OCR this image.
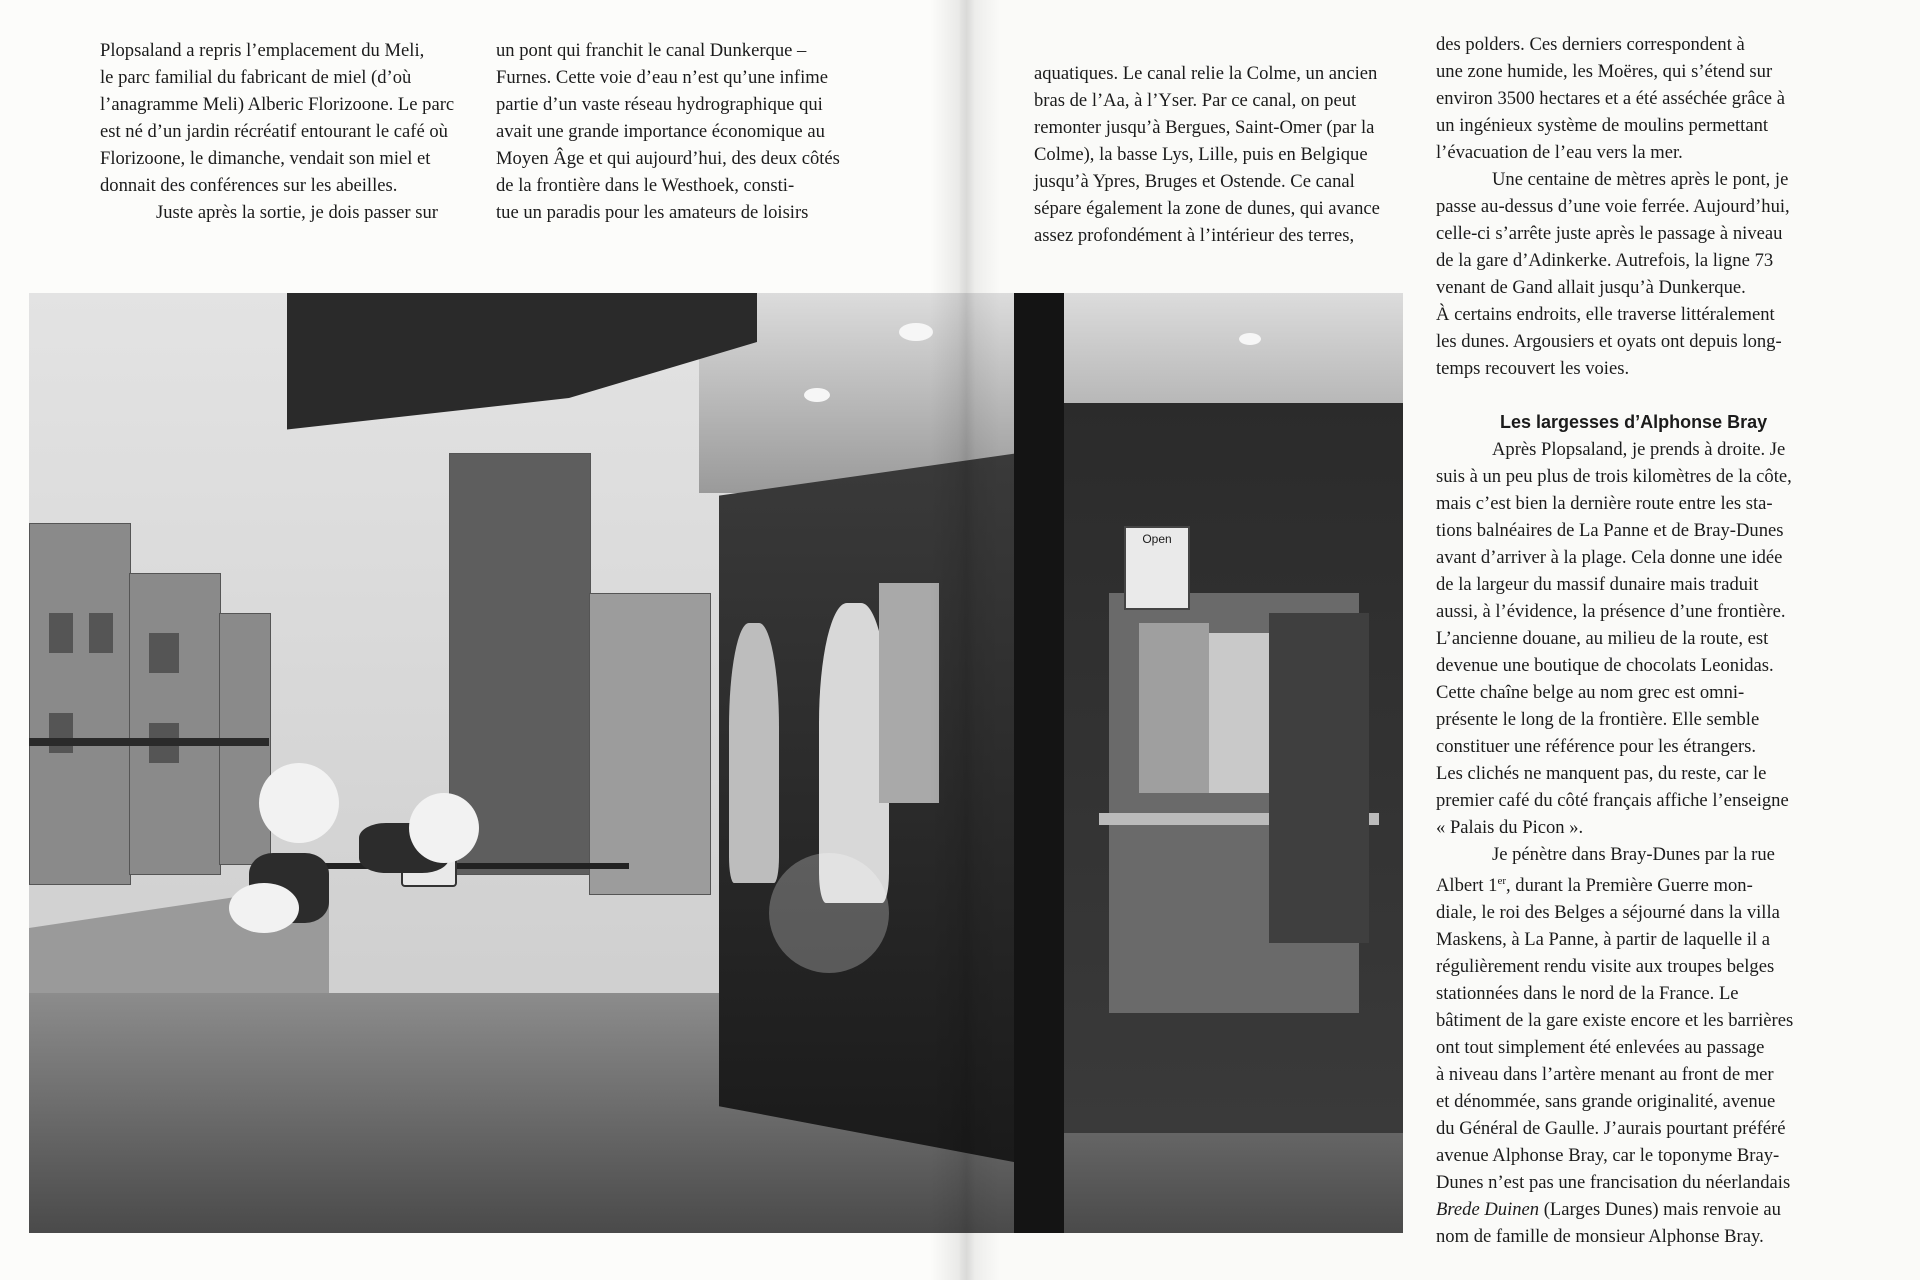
Plopsaland a repris l’emplacement du Meli,
le parc familial du fabricant de miel (d’où
l’anagramme Meli) Alberic Florizoone. Le parc
est né d’un jardin récréatif entourant le café où
Florizoone, le dimanche, vendait son miel et
donnait des conférences sur les abeilles.
Juste après la sortie, je dois passer sur
un pont qui franchit le canal Dunkerque –
Furnes. Cette voie d’eau n’est qu’une infime
partie d’un vaste réseau hydrographique qui
avait une grande importance économique au
Moyen Âge et qui aujourd’hui, des deux côtés
de la frontière dans le Westhoek, consti-
tue un paradis pour les amateurs de loisirs
aquatiques. Le canal relie la Colme, un ancien
bras de l’Aa, à l’Yser. Par ce canal, on peut
remonter jusqu’à Bergues, Saint-Omer (par la
Colme), la basse Lys, Lille, puis en Belgique
jusqu’à Ypres, Bruges et Ostende. Ce canal
sépare également la zone de dunes, qui avance
assez profondément à l’intérieur des terres,
des polders. Ces derniers correspondent à
une zone humide, les Moëres, qui s’étend sur
environ 3500 hectares et a été asséchée grâce à
un ingénieux système de moulins permettant
l’évacuation de l’eau vers la mer.
Une centaine de mètres après le pont, je
passe au-dessus d’une voie ferrée. Aujourd’hui,
celle-ci s’arrête juste après le passage à niveau
de la gare d’Adinkerke. Autrefois, la ligne 73
venant de Gand allait jusqu’à Dunkerque.
À certains endroits, elle traverse littéralement
les dunes. Argousiers et oyats ont depuis long-
temps recouvert les voies.
Les largesses d’Alphonse Bray
Après Plopsaland, je prends à droite. Je
suis à un peu plus de trois kilomètres de la côte,
mais c’est bien la dernière route entre les sta-
tions balnéaires de La Panne et de Bray-Dunes
avant d’arriver à la plage. Cela donne une idée
de la largeur du massif dunaire mais traduit
aussi, à l’évidence, la présence d’une frontière.
L’ancienne douane, au milieu de la route, est
devenue une boutique de chocolats Leonidas.
Cette chaîne belge au nom grec est omni-
présente le long de la frontière. Elle semble
constituer une référence pour les étrangers.
Les clichés ne manquent pas, du reste, car le
premier café du côté français affiche l’enseigne
« Palais du Picon ».
Je pénètre dans Bray-Dunes par la rue
Albert 1er, durant la Première Guerre mon-
diale, le roi des Belges a séjourné dans la villa
Maskens, à La Panne, à partir de laquelle il a
régulièrement rendu visite aux troupes belges
stationnées dans le nord de la France. Le
bâtiment de la gare existe encore et les barrières
ont tout simplement été enlevées au passage
à niveau dans l’artère menant au front de mer
et dénommée, sans grande originalité, avenue
du Général de Gaulle. J’aurais pourtant préféré
avenue Alphonse Bray, car le toponyme Bray-
Dunes n’est pas une francisation du néerlandais
Brede Duinen (Larges Dunes) mais renvoie au
nom de famille de monsieur Alphonse Bray.
Open
